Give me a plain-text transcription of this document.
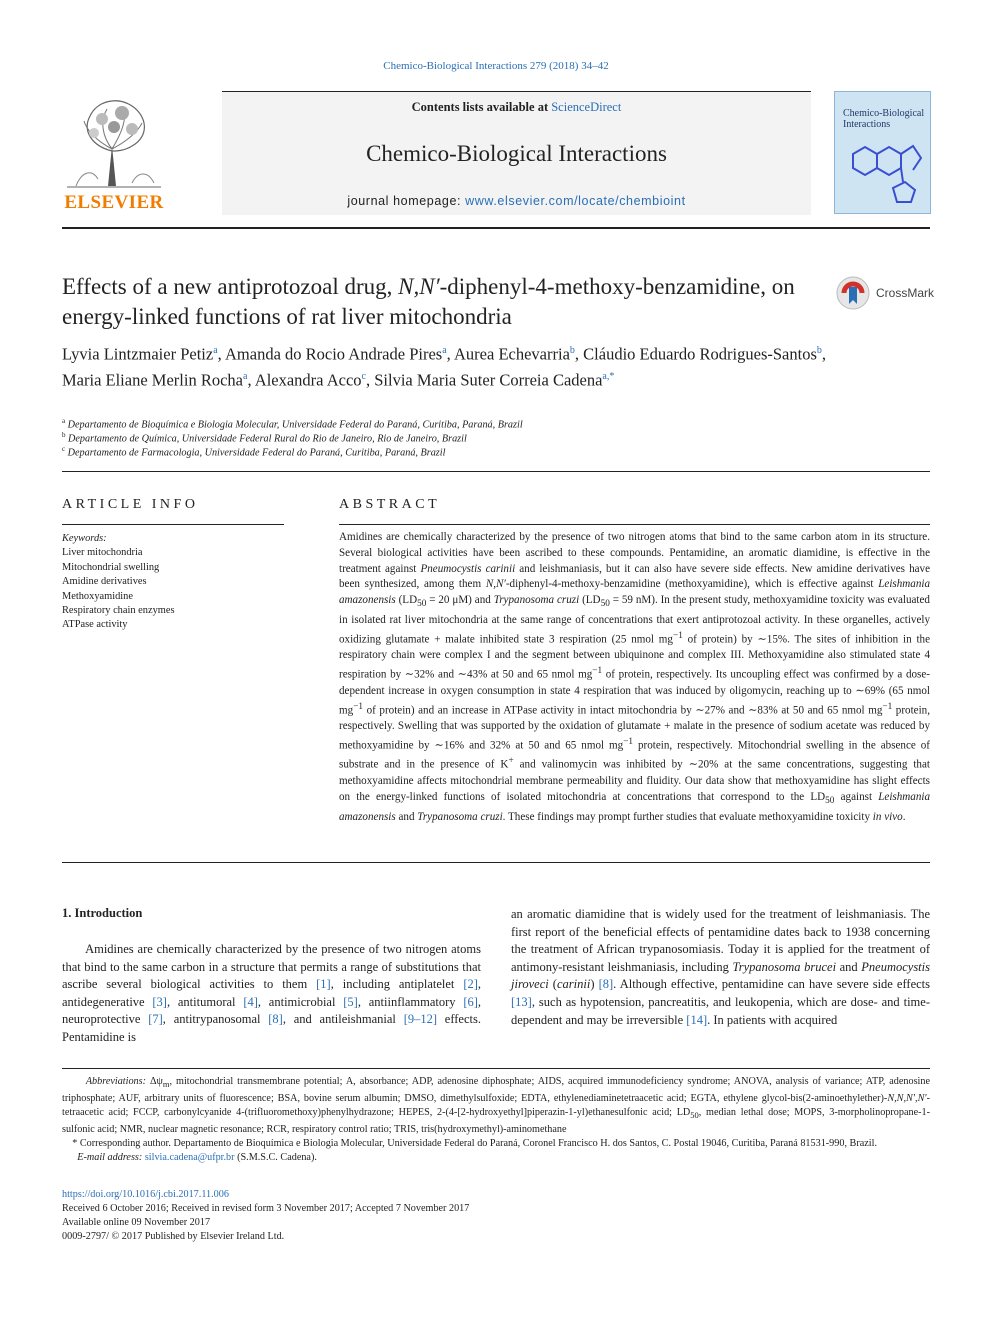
Chemico-Biological Interactions 279 (2018) 34–42
ELSEVIER
Contents lists available at ScienceDirect
Chemico-Biological Interactions
journal homepage: www.elsevier.com/locate/chembioint
Chemico-Biological Interactions
Effects of a new antiprotozoal drug, N,N′-diphenyl-4-methoxy-benzamidine, on energy-linked functions of rat liver mitochondria
CrossMark
Lyvia Lintzmaier Petiz$^a$, Amanda do Rocio Andrade Pires$^a$, Aurea Echevarria$^b$, Cláudio Eduardo Rodrigues-Santos$^b$, Maria Eliane Merlin Rocha$^a$, Alexandra Acco$^c$, Silvia Maria Suter Correia Cadena$^{a,*}$
$^a$ Departamento de Bioquímica e Biologia Molecular, Universidade Federal do Paraná, Curitiba, Paraná, Brazil
$^b$ Departamento de Química, Universidade Federal Rural do Rio de Janeiro, Rio de Janeiro, Brazil
$^c$ Departamento de Farmacologia, Universidade Federal do Paraná, Curitiba, Paraná, Brazil
ARTICLE INFO	ABSTRACT
Keywords:
Liver mitochondria
Mitochondrial swelling
Amidine derivatives
Methoxyamidine
Respiratory chain enzymes
ATPase activity
Amidines are chemically characterized by the presence of two nitrogen atoms that bind to the same carbon atom in its structure. Several biological activities have been ascribed to these compounds. Pentamidine, an aromatic diamidine, is effective in the treatment against Pneumocystis carinii and leishmaniasis, but it can also have severe side effects. New amidine derivatives have been synthesized, among them N,N′-diphenyl-4-methoxy-benzamidine (methoxyamidine), which is effective against Leishmania amazonensis ($LD_{50} = 20$ μM) and Trypanosoma cruzi ($LD_{50} = 59$ nM). In the present study, methoxyamidine toxicity was evaluated in isolated rat liver mitochondria at the same range of concentrations that exert antiprotozoal activity. In these organelles, actively oxidizing glutamate + malate inhibited state 3 respiration (25 nmol $mg^{-1}$ of protein) by ∼15%. The sites of inhibition in the respiratory chain were complex I and the segment between ubiquinone and complex III. Methoxyamidine also stimulated state 4 respiration by ∼32% and ∼43% at 50 and 65 nmol $mg^{-1}$ of protein, respectively. Its uncoupling effect was confirmed by a dose-dependent increase in oxygen consumption in state 4 respiration that was induced by oligomycin, reaching up to ∼69% (65 nmol $mg^{-1}$ of protein) and an increase in ATPase activity in intact mitochondria by ∼27% and ∼83% at 50 and 65 nmol $mg^{-1}$ protein, respectively. Swelling that was supported by the oxidation of glutamate + malate in the presence of sodium acetate was reduced by methoxyamidine by ∼16% and 32% at 50 and 65 nmol $mg^{-1}$ protein, respectively. Mitochondrial swelling in the absence of substrate and in the presence of K+ and valinomycin was inhibited by ∼20% at the same concentrations, suggesting that methoxyamidine affects mitochondrial membrane permeability and fluidity. Our data show that methoxyamidine has slight effects on the energy-linked functions of isolated mitochondria at concentrations that correspond to the $LD_{50}$ against Leishmania amazonensis and Trypanosoma cruzi. These findings may prompt further studies that evaluate methoxyamidine toxicity in vivo.
1. Introduction
Amidines are chemically characterized by the presence of two nitrogen atoms that bind to the same carbon in a structure that permits a range of substitutions that ascribe several biological activities to them [1], including antiplatelet [2], antidegenerative [3], antitumoral [4], antimicrobial [5], antiinflammatory [6], neuroprotective [7], antitrypanosomal [8], and antileishmanial [9–12] effects. Pentamidine is
an aromatic diamidine that is widely used for the treatment of leishmaniasis. The first report of the beneficial effects of pentamidine dates back to 1938 concerning the treatment of African trypanosomiasis. Today it is applied for the treatment of antimony-resistant leishmaniasis, including Trypanosoma brucei and Pneumocystis jiroveci (carinii) [8]. Although effective, pentamidine can have severe side effects [13], such as hypotension, pancreatitis, and leukopenia, which are dose- and time-dependent and may be irreversible [14]. In patients with acquired
Abbreviations: $\Delta\psi_m$, mitochondrial transmembrane potential; A, absorbance; ADP, adenosine diphosphate; AIDS, acquired immunodeficiency syndrome; ANOVA, analysis of variance; ATP, adenosine triphosphate; AUF, arbitrary units of fluorescence; BSA, bovine serum albumin; DMSO, dimethylsulfoxide; EDTA, ethylenediaminetetraacetic acid; EGTA, ethylene glycol-bis(2-aminoethylether)-N,N,N′,N′-tetraacetic acid; FCCP, carbonylcyanide 4-(trifluoromethoxy)phenylhydrazone; HEPES, 2-(4-[2-hydroxyethyl]piperazin-1-yl)ethanesulfonic acid; $LD_{50}$, median lethal dose; MOPS, 3-morpholinopropane-1-sulfonic acid; NMR, nuclear magnetic resonance; RCR, respiratory control ratio; TRIS, tris(hydroxymethyl)-aminomethane
* Corresponding author. Departamento de Bioquímica e Biologia Molecular, Universidade Federal do Paraná, Coronel Francisco H. dos Santos, C. Postal 19046, Curitiba, Paraná 81531-990, Brazil.
E-mail address: silvia.cadena@ufpr.br (S.M.S.C. Cadena).
https://doi.org/10.1016/j.cbi.2017.11.006
Received 6 October 2016; Received in revised form 3 November 2017; Accepted 7 November 2017
Available online 09 November 2017
0009-2797/ © 2017 Published by Elsevier Ireland Ltd.
